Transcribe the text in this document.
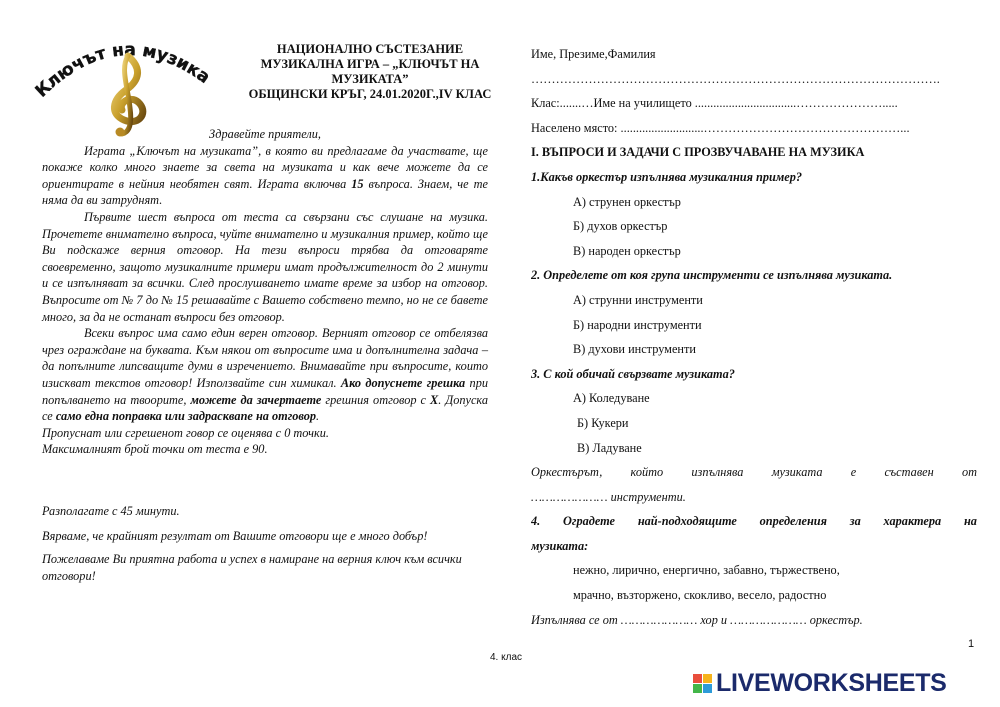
Ключът на музика
НАЦИОНАЛНО СЪСТЕЗАНИЕ
МУЗИКАЛНА ИГРА – „КЛЮЧЪТ НА
МУЗИКАТА”
ОБЩИНСКИ КРЪГ, 24.01.2020Г.,IV КЛАС

Здравейте приятели,

Играта „Ключът на музиката”, в която ви предлагаме да участвате, ще покаже колко много знаете за света на музиката и как вече можете да се ориентирате в нейния необятен свят. Играта включва 15 въпроса. Знаем, че те няма да ви затруднят.

Първите шест въпроса от теста са свързани със слушане на музика. Прочетете внимателно въпроса, чуйте внимателно и музикалния пример, който ще Ви подскаже верния отговор. На тези въпроси трябва да отговаряте своевременно, защото музикалните примери имат продължителност до 2 минути и се изпълняват за всички. След прослушването имате време за избор на отговор. Въпросите от № 7 до № 15 решавайте с Вашето собствено темпо, но не се бавете много, за да не останат въпроси без отговор.

Всеки въпрос има само един верен отговор. Верният отговор се отбелязва чрез ограждане на буквата. Към някои от въпросите има и допълнителна задача – да попълните липсващите думи в изречението. Внимавайте при въпросите, които изискват текстов отговор! Използвайте син химикал. Ако допуснете грешка при попълването на твоорите, можете да зачертаете грешния отговор с Х. Допуска се само една поправка или задрасквane на отговор.

Пропуснат или сгрешенот говор се оценява с 0 точки.

Максималният брой точки от теста е 90.

Разполагате с 45 минути.

Вярваме, че крайният резултат от Вашите отговори ще е много добър!

Пожелаваме Ви приятна работа и успех в намиране на верния ключ към всички отговори!

Име, Презиме,Фамилия
……………………………………………………………………………………….
Клас:.......…Име на училището .................................………………….....
Населено място: ...........................…………………………………………...
І. ВЪПРОСИ И ЗАДАЧИ С ПРОЗВУЧАВАНЕ НА МУЗИКА
1.Какъв оркестър изпълнява музикалния пример?
А) струнен оркестър
Б) духов оркестър
В) народен оркестър
2. Определете от коя група инструменти се изпълнява музиката.
А) струнни инструменти
Б) народни инструменти
В) духови инструменти
3. С кой обичай свързвате музиката?
А) Коледуване
Б) Кукери
В) Ладуване
Оркестърът, който изпълнява музиката е съставен от
………………… инструменти.
4. Оградете най-подходящите определения за характера на
музиката:
нежно, лирично, енергично, забавно, тържествено,
мрачно, възторжено, скокливо, весело, радостно
Изпълнява се от ………………… хор и ………………… оркестър.
1
4. клас
LIVEWORKSHEETS
